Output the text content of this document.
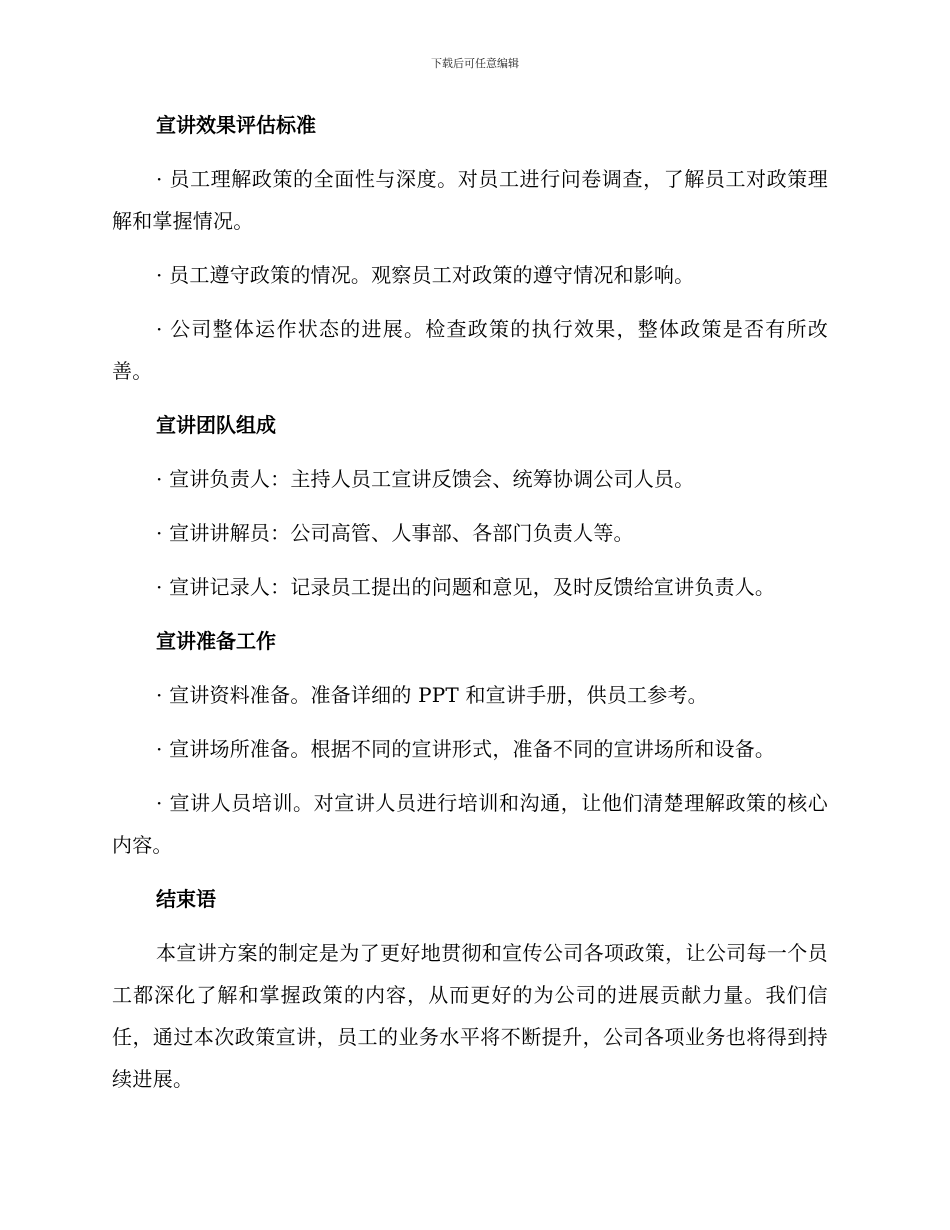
下载后可任意编辑
宣讲效果评估标准

· 员工理解政策的全面性与深度。对员工进行问卷调查，了解员工对政策理解和掌握情况。

· 员工遵守政策的情况。观察员工对政策的遵守情况和影响。

· 公司整体运作状态的进展。检查政策的执行效果，整体政策是否有所改善。

宣讲团队组成

· 宣讲负责人：主持人员工宣讲反馈会、统筹协调公司人员。

· 宣讲讲解员：公司高管、人事部、各部门负责人等。

· 宣讲记录人：记录员工提出的问题和意见，及时反馈给宣讲负责人。

宣讲准备工作

· 宣讲资料准备。准备详细的 PPT 和宣讲手册，供员工参考。

· 宣讲场所准备。根据不同的宣讲形式，准备不同的宣讲场所和设备。

· 宣讲人员培训。对宣讲人员进行培训和沟通，让他们清楚理解政策的核心内容。

结束语

本宣讲方案的制定是为了更好地贯彻和宣传公司各项政策，让公司每一个员工都深化了解和掌握政策的内容，从而更好的为公司的进展贡献力量。我们信任，通过本次政策宣讲，员工的业务水平将不断提升，公司各项业务也将得到持续进展。
